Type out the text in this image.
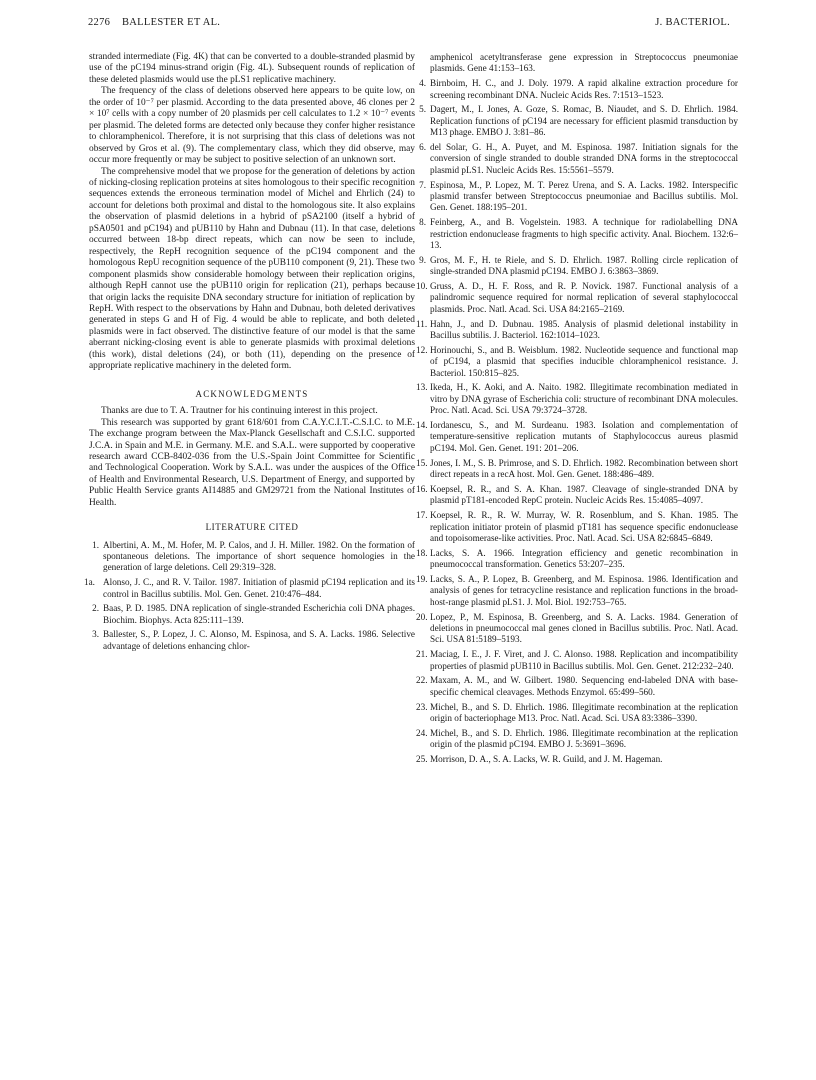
2276 BALLESTER ET AL.	J. BACTERIOL.

stranded intermediate (Fig. 4K) that can be converted to a double-stranded plasmid by use of the pC194 minus-strand origin (Fig. 4L). Subsequent rounds of replication of these deleted plasmids would use the pLS1 replicative machinery.

The frequency of the class of deletions observed here appears to be quite low, on the order of 10⁻⁷ per plasmid. According to the data presented above, 46 clones per 2 × 10⁷ cells with a copy number of 20 plasmids per cell calculates to 1.2 × 10⁻⁷ events per plasmid. The deleted forms are detected only because they confer higher resistance to chloramphenicol. Therefore, it is not surprising that this class of deletions was not observed by Gros et al. (9). The complementary class, which they did observe, may occur more frequently or may be subject to positive selection of an unknown sort.

The comprehensive model that we propose for the generation of deletions by action of nicking-closing replication proteins at sites homologous to their specific recognition sequences extends the erroneous termination model of Michel and Ehrlich (24) to account for deletions both proximal and distal to the homologous site. It also explains the observation of plasmid deletions in a hybrid of pSA2100 (itself a hybrid of pSA0501 and pC194) and pUB110 by Hahn and Dubnau (11). In that case, deletions occurred between 18-bp direct repeats, which can now be seen to include, respectively, the RepH recognition sequence of the pC194 component and the homologous RepU recognition sequence of the pUB110 component (9, 21). These two component plasmids show considerable homology between their replication origins, although RepH cannot use the pUB110 origin for replication (21), perhaps because that origin lacks the requisite DNA secondary structure for initiation of replication by RepH. With respect to the observations by Hahn and Dubnau, both deleted derivatives generated in steps G and H of Fig. 4 would be able to replicate, and both deleted plasmids were in fact observed. The distinctive feature of our model is that the same aberrant nicking-closing event is able to generate plasmids with proximal deletions (this work), distal deletions (24), or both (11), depending on the presence of appropriate replicative machinery in the deleted form.

ACKNOWLEDGMENTS

Thanks are due to T. A. Trautner for his continuing interest in this project.

This research was supported by grant 618/601 from C.A.Y.C.I.T.-C.S.I.C. to M.E. The exchange program between the Max-Planck Gesellschaft and C.S.I.C. supported J.C.A. in Spain and M.E. in Germany. M.E. and S.A.L. were supported by cooperative research award CCB-8402-036 from the U.S.-Spain Joint Committee for Scientific and Technological Cooperation. Work by S.A.L. was under the auspices of the Office of Health and Environmental Research, U.S. Department of Energy, and supported by Public Health Service grants AI14885 and GM29721 from the National Institutes of Health.

LITERATURE CITED
1. Albertini, A. M., M. Hofer, M. P. Calos, and J. H. Miller. 1982. On the formation of spontaneous deletions. The importance of short sequence homologies in the generation of large deletions. Cell 29:319–328.
1a. Alonso, J. C., and R. V. Tailor. 1987. Initiation of plasmid pC194 replication and its control in Bacillus subtilis. Mol. Gen. Genet. 210:476–484.
2. Baas, P. D. 1985. DNA replication of single-stranded Escherichia coli DNA phages. Biochim. Biophys. Acta 825:111–139.
3. Ballester, S., P. Lopez, J. C. Alonso, M. Espinosa, and S. A. Lacks. 1986. Selective advantage of deletions enhancing chlor-
amphenicol acetyltransferase gene expression in Streptococcus pneumoniae plasmids. Gene 41:153–163.
4. Birnboim, H. C., and J. Doly. 1979. A rapid alkaline extraction procedure for screening recombinant DNA. Nucleic Acids Res. 7:1513–1523.
5. Dagert, M., I. Jones, A. Goze, S. Romac, B. Niaudet, and S. D. Ehrlich. 1984. Replication functions of pC194 are necessary for efficient plasmid transduction by M13 phage. EMBO J. 3:81–86.
6. del Solar, G. H., A. Puyet, and M. Espinosa. 1987. Initiation signals for the conversion of single stranded to double stranded DNA forms in the streptococcal plasmid pLS1. Nucleic Acids Res. 15:5561–5579.
7. Espinosa, M., P. Lopez, M. T. Perez Urena, and S. A. Lacks. 1982. Interspecific plasmid transfer between Streptococcus pneumoniae and Bacillus subtilis. Mol. Gen. Genet. 188:195–201.
8. Feinberg, A., and B. Vogelstein. 1983. A technique for radiolabelling DNA restriction endonuclease fragments to high specific activity. Anal. Biochem. 132:6–13.
9. Gros, M. F., H. te Riele, and S. D. Ehrlich. 1987. Rolling circle replication of single-stranded DNA plasmid pC194. EMBO J. 6:3863–3869.
10. Gruss, A. D., H. F. Ross, and R. P. Novick. 1987. Functional analysis of a palindromic sequence required for normal replication of several staphylococcal plasmids. Proc. Natl. Acad. Sci. USA 84:2165–2169.
11. Hahn, J., and D. Dubnau. 1985. Analysis of plasmid deletional instability in Bacillus subtilis. J. Bacteriol. 162:1014–1023.
12. Horinouchi, S., and B. Weisblum. 1982. Nucleotide sequence and functional map of pC194, a plasmid that specifies inducible chloramphenicol resistance. J. Bacteriol. 150:815–825.
13. Ikeda, H., K. Aoki, and A. Naito. 1982. Illegitimate recombination mediated in vitro by DNA gyrase of Escherichia coli: structure of recombinant DNA molecules. Proc. Natl. Acad. Sci. USA 79:3724–3728.
14. Iordanescu, S., and M. Surdeanu. 1983. Isolation and complementation of temperature-sensitive replication mutants of Staphylococcus aureus plasmid pC194. Mol. Gen. Genet. 191: 201–206.
15. Jones, I. M., S. B. Primrose, and S. D. Ehrlich. 1982. Recombination between short direct repeats in a recA host. Mol. Gen. Genet. 188:486–489.
16. Koepsel, R. R., and S. A. Khan. 1987. Cleavage of single-stranded DNA by plasmid pT181-encoded RepC protein. Nucleic Acids Res. 15:4085–4097.
17. Koepsel, R. R., R. W. Murray, W. R. Rosenblum, and S. Khan. 1985. The replication initiator protein of plasmid pT181 has sequence specific endonuclease and topoisomerase-like activities. Proc. Natl. Acad. Sci. USA 82:6845–6849.
18. Lacks, S. A. 1966. Integration efficiency and genetic recombination in pneumococcal transformation. Genetics 53:207–235.
19. Lacks, S. A., P. Lopez, B. Greenberg, and M. Espinosa. 1986. Identification and analysis of genes for tetracycline resistance and replication functions in the broad-host-range plasmid pLS1. J. Mol. Biol. 192:753–765.
20. Lopez, P., M. Espinosa, B. Greenberg, and S. A. Lacks. 1984. Generation of deletions in pneumococcal mal genes cloned in Bacillus subtilis. Proc. Natl. Acad. Sci. USA 81:5189–5193.
21. Maciag, I. E., J. F. Viret, and J. C. Alonso. 1988. Replication and incompatibility properties of plasmid pUB110 in Bacillus subtilis. Mol. Gen. Genet. 212:232–240.
22. Maxam, A. M., and W. Gilbert. 1980. Sequencing end-labeled DNA with base-specific chemical cleavages. Methods Enzymol. 65:499–560.
23. Michel, B., and S. D. Ehrlich. 1986. Illegitimate recombination at the replication origin of bacteriophage M13. Proc. Natl. Acad. Sci. USA 83:3386–3390.
24. Michel, B., and S. D. Ehrlich. 1986. Illegitimate recombination at the replication origin of the plasmid pC194. EMBO J. 5:3691–3696.
25. Morrison, D. A., S. A. Lacks, W. R. Guild, and J. M. Hageman.
